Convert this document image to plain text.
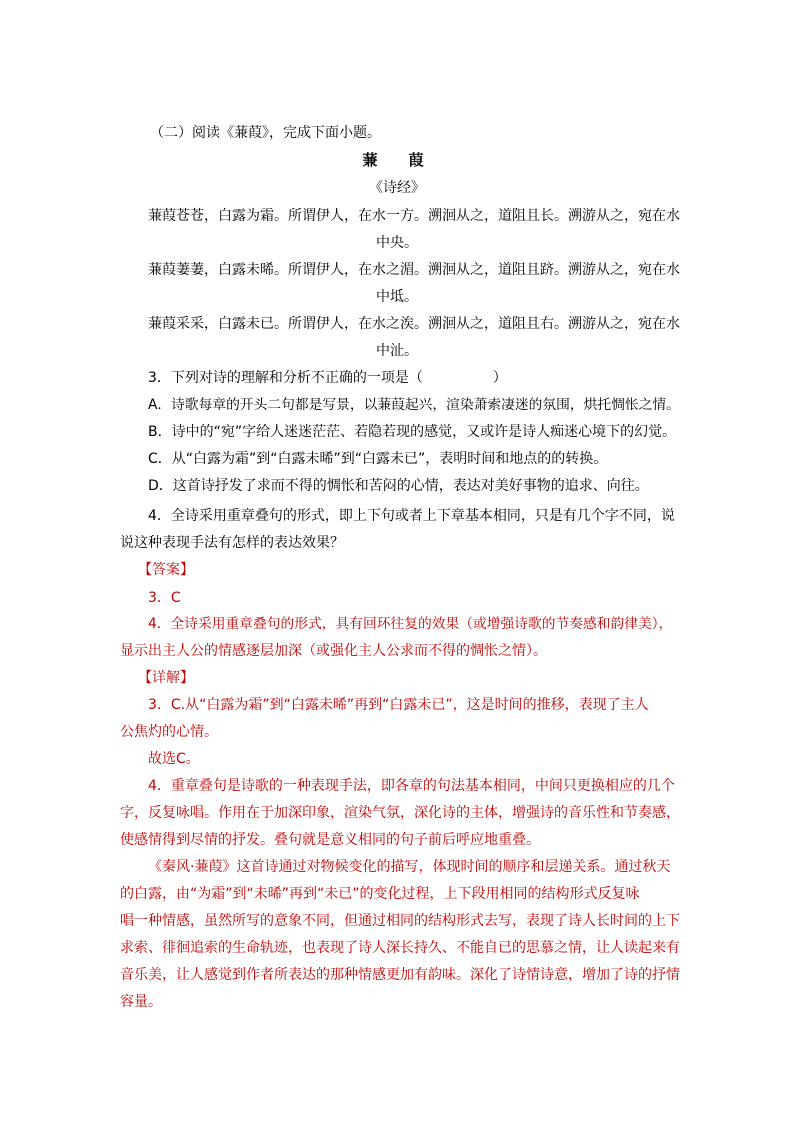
（二）阅读《蒹葭》，完成下面小题。
蒹　葭
《诗经》
蒹葭苍苍，白露为霜。所谓伊人，在水一方。溯洄从之，道阻且长。溯游从之，宛在水
中央。
蒹葭萋萋，白露未晞。所谓伊人，在水之湄。溯洄从之，道阻且跻。溯游从之，宛在水
中坻。
蒹葭采采，白露未已。所谓伊人，在水之涘。溯洄从之，道阻且右。溯游从之，宛在水
中沚。
3．下列对诗的理解和分析不正确的一项是（　　　　　）
A．诗歌每章的开头二句都是写景，以蒹葭起兴，渲染萧索凄迷的氛围，烘托惆怅之情。
B．诗中的“宛”字给人迷迷茫茫、若隐若现的感觉，又或许是诗人痴迷心境下的幻觉。
C．从“白露为霜”到“白露未晞”到“白露未已”，表明时间和地点的的转换。
D．这首诗抒发了求而不得的惆怅和苦闷的心情，表达对美好事物的追求、向往。
4．全诗采用重章叠句的形式，即上下句或者上下章基本相同，只是有几个字不同，说
说这种表现手法有怎样的表达效果？
【答案】
3．C
4．全诗采用重章叠句的形式，具有回环往复的效果（或增强诗歌的节奏感和韵律美），
显示出主人公的情感逐层加深（或强化主人公求而不得的惆怅之情）。
【详解】
3．C.从“白露为霜”到“白露未晞”再到“白露未已”，这是时间的推移，表现了主人
公焦灼的心情。
故选C。
4．重章叠句是诗歌的一种表现手法，即各章的句法基本相同，中间只更换相应的几个
字，反复咏唱。作用在于加深印象，渲染气氛，深化诗的主体，增强诗的音乐性和节奏感，
使感情得到尽情的抒发。叠句就是意义相同的句子前后呼应地重叠。
《秦风·蒹葭》这首诗通过对物候变化的描写，体现时间的顺序和层递关系。通过秋天
的白露，由“为霜”到“未晞”再到“未已”的变化过程，上下段用相同的结构形式反复咏
唱一种情感，虽然所写的意象不同，但通过相同的结构形式去写，表现了诗人长时间的上下
求索、徘徊追索的生命轨迹，也表现了诗人深长持久、不能自已的思慕之情，让人读起来有
音乐美，让人感觉到作者所表达的那种情感更加有韵味。深化了诗情诗意，增加了诗的抒情
容量。
